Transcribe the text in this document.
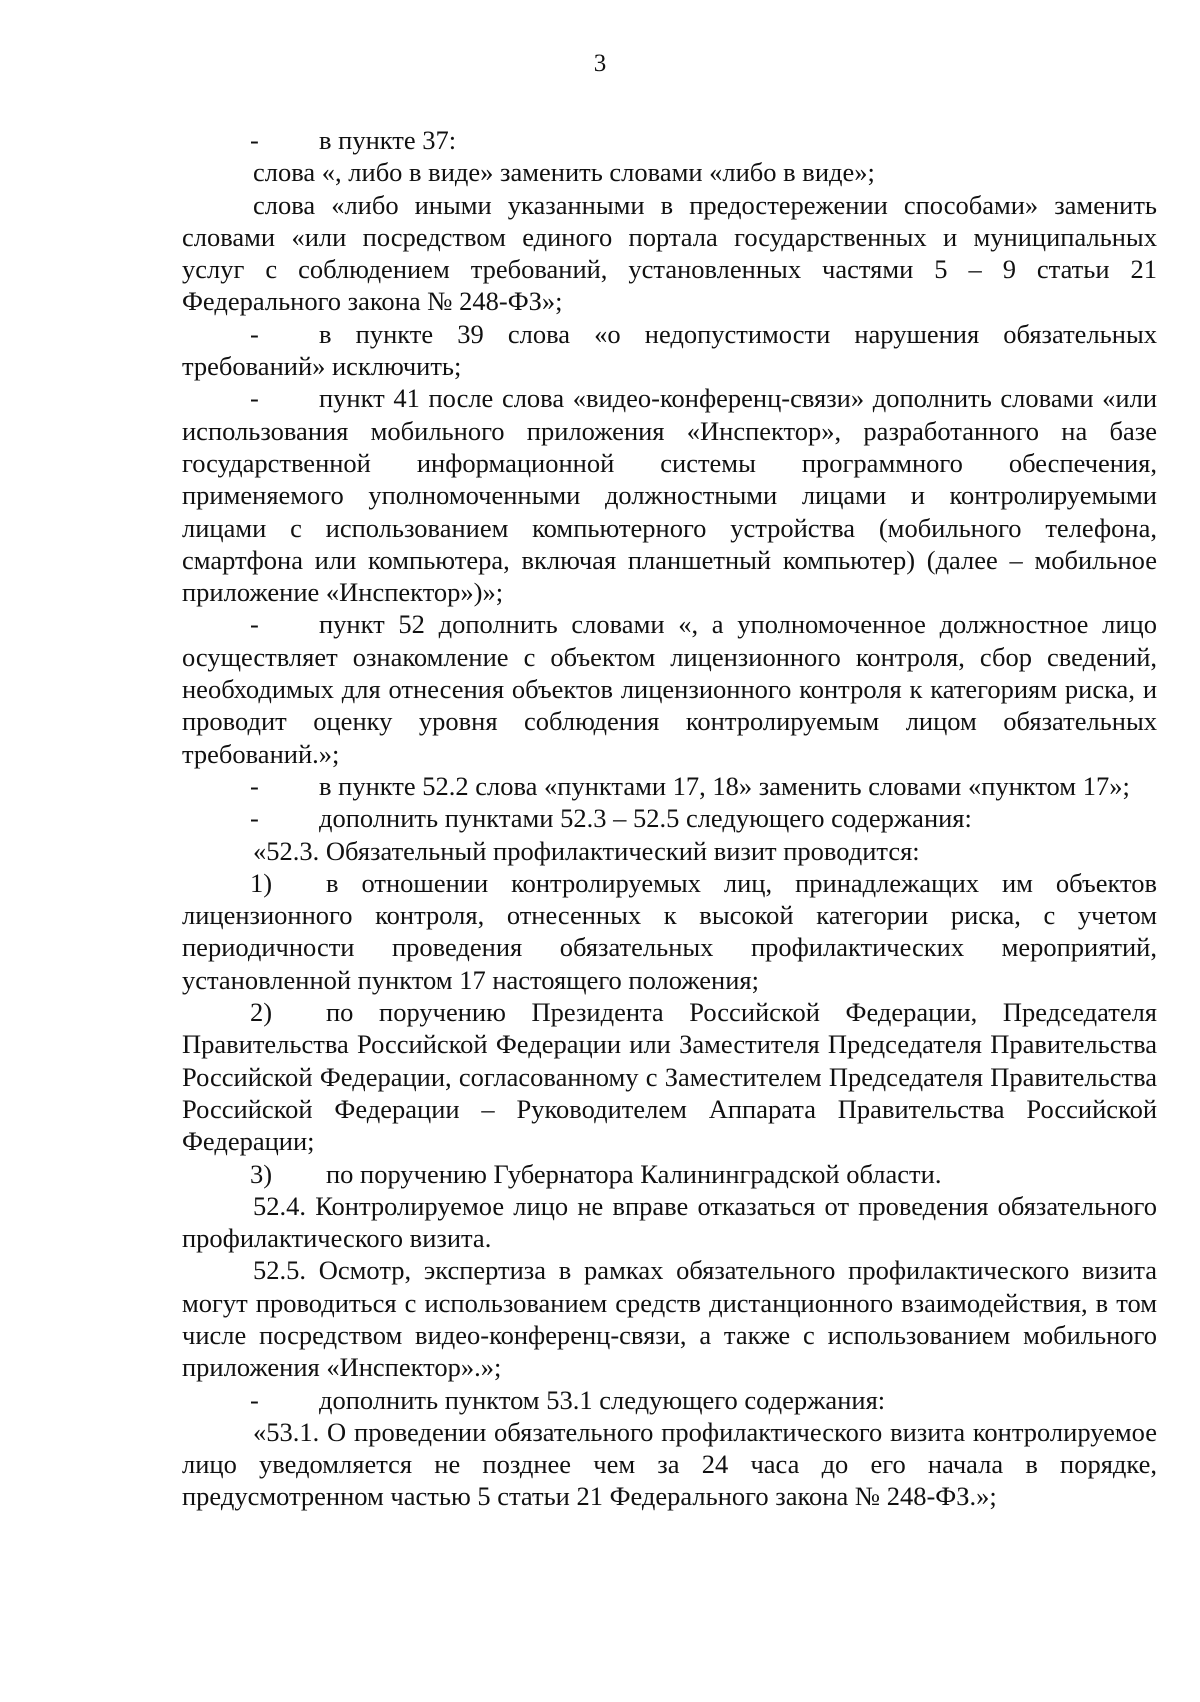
3

- в пункте 37:

слова «, либо в виде» заменить словами «либо в виде»;

слова «либо иными указанными в предостережении способами» заменить словами «или посредством единого портала государственных и муниципальных услуг с соблюдением требований, установленных частями 5 – 9 статьи 21 Федерального закона № 248-ФЗ»;

- в пункте 39 слова «о недопустимости нарушения обязательных требований» исключить;

- пункт 41 после слова «видео-конференц-связи» дополнить словами «или использования мобильного приложения «Инспектор», разработанного на базе государственной информационной системы программного обеспечения, применяемого уполномоченными должностными лицами и контролируемыми лицами с использованием компьютерного устройства (мобильного телефона, смартфона или компьютера, включая планшетный компьютер) (далее – мобильное приложение «Инспектор»)»;

- пункт 52 дополнить словами «, а уполномоченное должностное лицо осуществляет ознакомление с объектом лицензионного контроля, сбор сведений, необходимых для отнесения объектов лицензионного контроля к категориям риска, и проводит оценку уровня соблюдения контролируемым лицом обязательных требований.»;

- в пункте 52.2 слова «пунктами 17, 18» заменить словами «пунктом 17»;

- дополнить пунктами 52.3 – 52.5 следующего содержания:

«52.3. Обязательный профилактический визит проводится:

1) в отношении контролируемых лиц, принадлежащих им объектов лицензионного контроля, отнесенных к высокой категории риска, с учетом периодичности проведения обязательных профилактических мероприятий, установленной пунктом 17 настоящего положения;

2) по поручению Президента Российской Федерации, Председателя Правительства Российской Федерации или Заместителя Председателя Правительства Российской Федерации, согласованному с Заместителем Председателя Правительства Российской Федерации – Руководителем Аппарата Правительства Российской Федерации;

3) по поручению Губернатора Калининградской области.

52.4. Контролируемое лицо не вправе отказаться от проведения обязательного профилактического визита.

52.5. Осмотр, экспертиза в рамках обязательного профилактического визита могут проводиться с использованием средств дистанционного взаимодействия, в том числе посредством видео-конференц-связи, а также с использованием мобильного приложения «Инспектор».»;

- дополнить пунктом 53.1 следующего содержания:

«53.1. О проведении обязательного профилактического визита контролируемое лицо уведомляется не позднее чем за 24 часа до его начала в порядке, предусмотренном частью 5 статьи 21 Федерального закона № 248-ФЗ.»;
